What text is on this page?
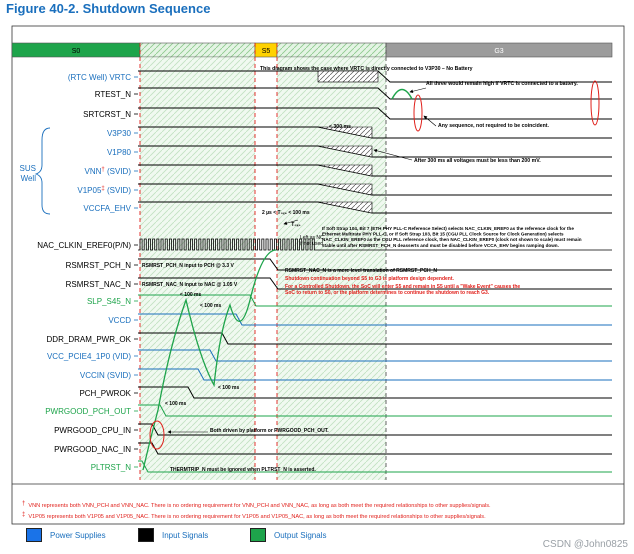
Figure 40-2. Shutdown Sequence
S0	S5	G3
(RTC Well) VRTC
RTEST_N
SRTCRST_N
V3P30
V1P80
VNN† (SVID)
V1P05‡ (SVID)
VCCFA_EHV
NAC_CLKIN_EREF0(P/N)
RSMRST_PCH_N
RSMRST_NAC_N
SLP_S45_N
VCCD
DDR_DRAM_PWR_OK
VCC_PCIE4_1P0 (VID)
VCCIN (SVID)
PCH_PWROK
PWRGOOD_PCH_OUT
PWRGOOD_CPU_IN
PWRGOOD_NAC_IN
PLTRST_N
SUS
Well
This diagram shows the case where VRTC is directly connected to V3P30 – No Battery
All three would remain high if VRTC is connected to a battery.
Any sequence, not required to be coincident.
< 300 ms
After 300 ms all voltages must be less than 200 mV.
2 µs < T₀ₓ₆ < 100 ms
T₀ₓ₆
Left as NC
if not used.
If Soft Strap 104, Bit 7 (ETH PHY PLL-C Reference Select) selects NAC_CLKIN_EREF0 as the reference clock for the Ethernet Multirate PHY PLL-C, or if Soft Strap 103, Bit 15 (CGU PLL Clock Source for Clock Generation) selects NAC_CLKIN_EREF0 as the CGU PLL reference clock, then NAC_CLKIN_EREF0 (clock not shown to scale) must remain stable until after RSMRST_PCH_N deasserts and must be disabled before VCCA_EHV begins ramping down.
RSMRST_PCH_N input to PCH @ 3.3 V
RSMRST_NAC_N input to NAC @ 1.05 V
RSMRST_NAC_N is a mere level translation of RSMRST_PCH_N
Shutdown continuation beyond S5 to G3 is platform design dependent.
For a Controlled Shutdown, the SoC will enter S5 and remain in S5 until a "Wake Event" causes the SoC to return to S0, or the platform determines to continue the shutdown to reach G3.
< 100 ms
< 100 ms
< 100 ms
< 100 ms
Both driven by platform or PWRGOOD_PCH_OUT.
THERMTRIP_N must be ignored when PLTRST_N is asserted.
† VNN represents both VNN_PCH and VNN_NAC. There is no ordering requirement for VNN_PCH and VNN_NAC, as long as both meet the required relationships to other supplies/signals.
‡ V1P05 represents both V1P05 and V1P05_NAC. There is no ordering requirement for V1P05 and V1P05_NAC, as long as both meet the required relationships to other supplies/signals.
Power Supplies	Input Signals	Output Signals
CSDN @John0825
